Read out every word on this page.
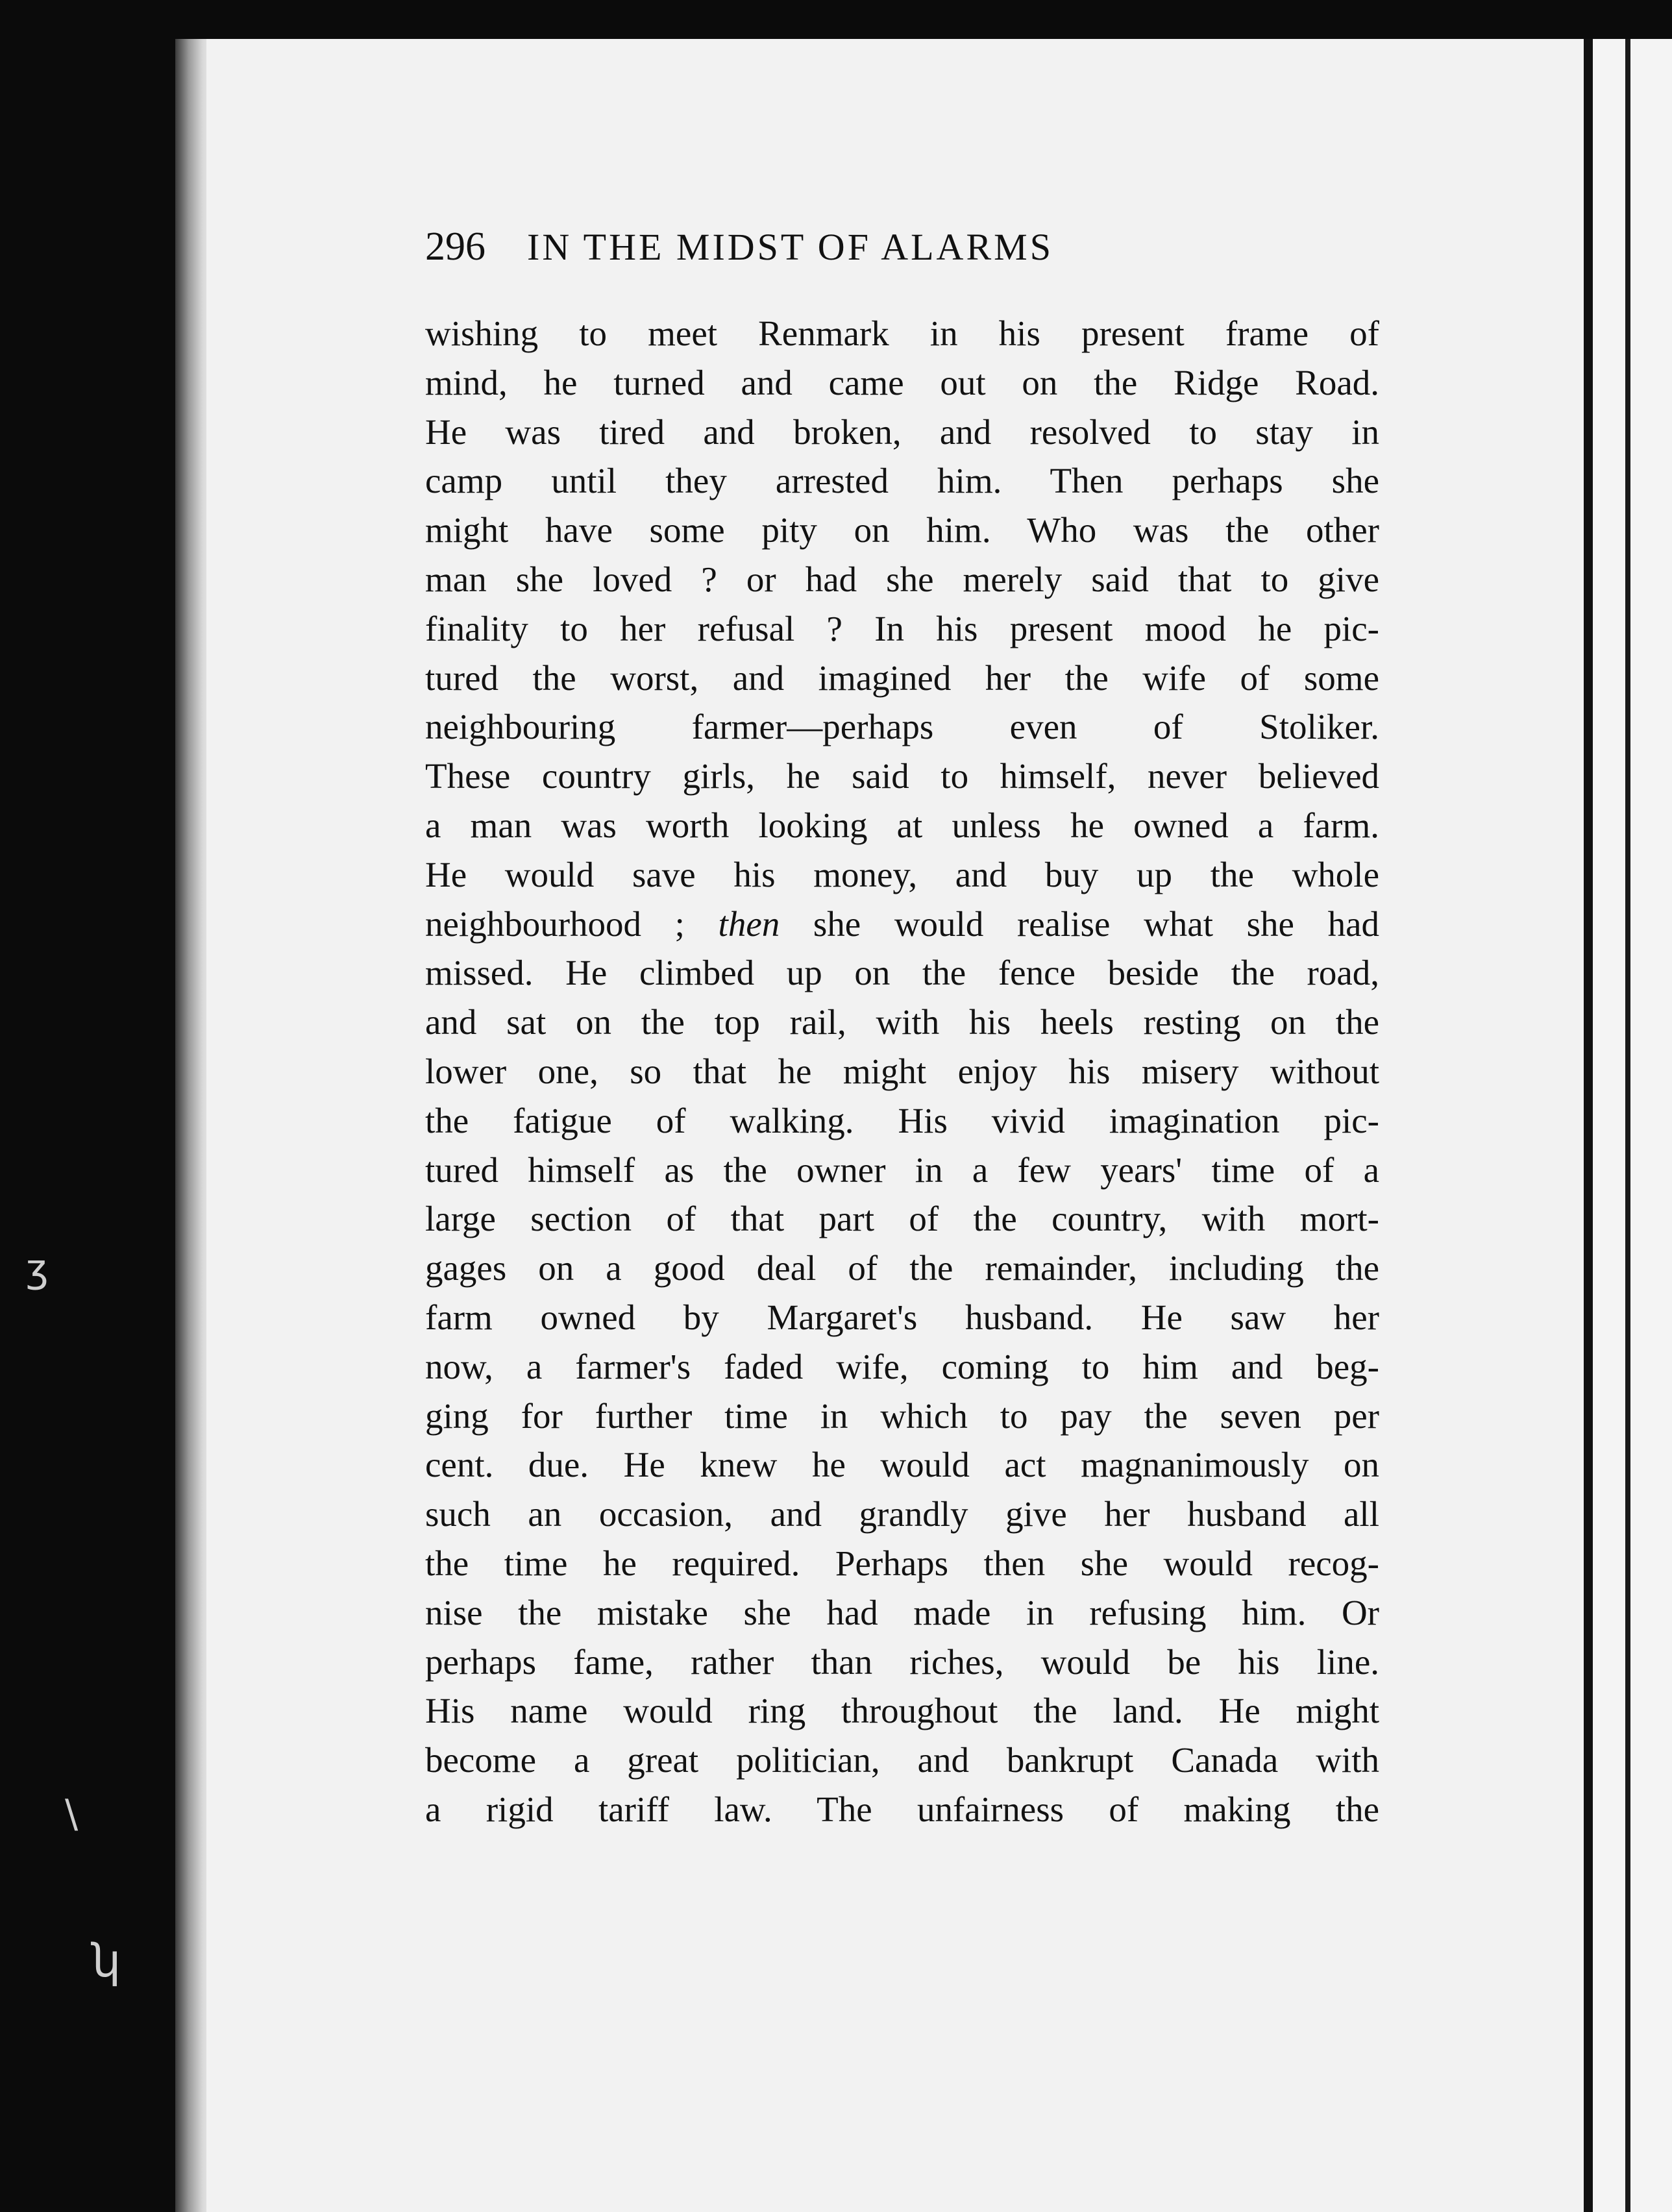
ʒ
\
ʮ
296 IN THE MIDST OF ALARMS
wishing to meet Renmark in his present frame of
mind, he turned and came out on the Ridge Road.
He was tired and broken, and resolved to stay in
camp until they arrested him. Then perhaps she
might have some pity on him. Who was the other
man she loved ? or had she merely said that to give
finality to her refusal ? In his present mood he pic-
tured the worst, and imagined her the wife of some
neighbouring farmer—perhaps even of Stoliker.
These country girls, he said to himself, never believed
a man was worth looking at unless he owned a farm.
He would save his money, and buy up the whole
neighbourhood ; then she would realise what she had
missed. He climbed up on the fence beside the road,
and sat on the top rail, with his heels resting on the
lower one, so that he might enjoy his misery without
the fatigue of walking. His vivid imagination pic-
tured himself as the owner in a few years' time of a
large section of that part of the country, with mort-
gages on a good deal of the remainder, including the
farm owned by Margaret's husband. He saw her
now, a farmer's faded wife, coming to him and beg-
ging for further time in which to pay the seven per
cent. due. He knew he would act magnanimously on
such an occasion, and grandly give her husband all
the time he required. Perhaps then she would recog-
nise the mistake she had made in refusing him. Or
perhaps fame, rather than riches, would be his line.
His name would ring throughout the land. He might
become a great politician, and bankrupt Canada with
a rigid tariff law. The unfairness of making the
